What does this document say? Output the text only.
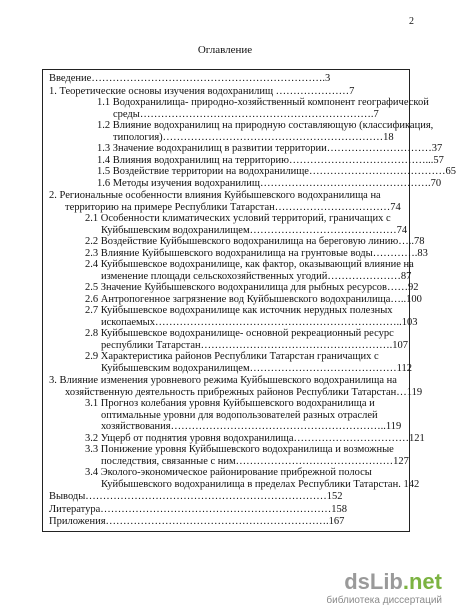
2
Оглавление
Введение………………………………………………………….3
1. Теоретические основы изучения водохранилищ …………………7
1.1 Водохранилища- природно-хозяйственный компонент географической
среды………………………………………………………….7
1.2 Влияние водохранилищ на природную составляющую (классификация,
типология)………………………………………………………18
1.3 Значение водохранилищ в развитии территории…………………………37
1.4 Влияния водохранилищ на территорию…………………………………...57
1.5 Воздействие территории на водохранилище…………………………………65
1.6 Методы изучения водохранилищ………………………………………….70
2. Региональные особенности влияния Куйбышевского водохранилища на
территорию на примере Республики Татарстан……………………………74
2.1 Особенности климатических условий территорий, граничащих с
Куйбышевским водохранилищем……………………………………74
2.2 Воздействие Куйбышевского водохранилища на береговую линию…..78
2.3 Влияние Куйбышевского водохранилища на грунтовые воды………….83
2.4 Куйбышевское водохранилище, как фактор, оказывающий влияние на
изменение площади сельскохозяйственных угодий…………………87
2.5 Значение Куйбышевского водохранилища для рыбных ресурсов……92
2.6 Антропогенное загрязнение вод Куйбышевского водохранилища…..100
2.7 Куйбышевское водохранилище как источник нерудных полезных
ископаемых……………………………………………………………..103
2.8 Куйбышевское водохранилище- основной рекреационный ресурс
республики Татарстан……………………………………………….107
2.9 Характеристика районов Республики Татарстан граничащих с
Куйбышевским водохранилищем……………………………………112
3. Влияние изменения уровневого режима Куйбышевского водохранилища на
хозяйственную деятельность прибрежных районов Республики Татарстан…119
3.1 Прогноз колебания уровня Куйбышевского водохранилища и
оптимальные уровни для водопользователей разных отраслей
хозяйствования……………………………………………………..119
3.2 Ущерб от поднятия уровня водохранилища……………………………121
3.3 Понижение уровня Куйбышевского водохранилища и возможные
последствия, связанные с ним………………………………………127
3.4 Эколого-экономическое районирование прибрежной полосы
Куйбышевского водохранилища в пределах Республики Татарстан. 142
Выводы……………………………………………………………152
Литература…………………………………………………………158
Приложения……………………………………………………….167
dsLib.net
библиотека диссертаций
